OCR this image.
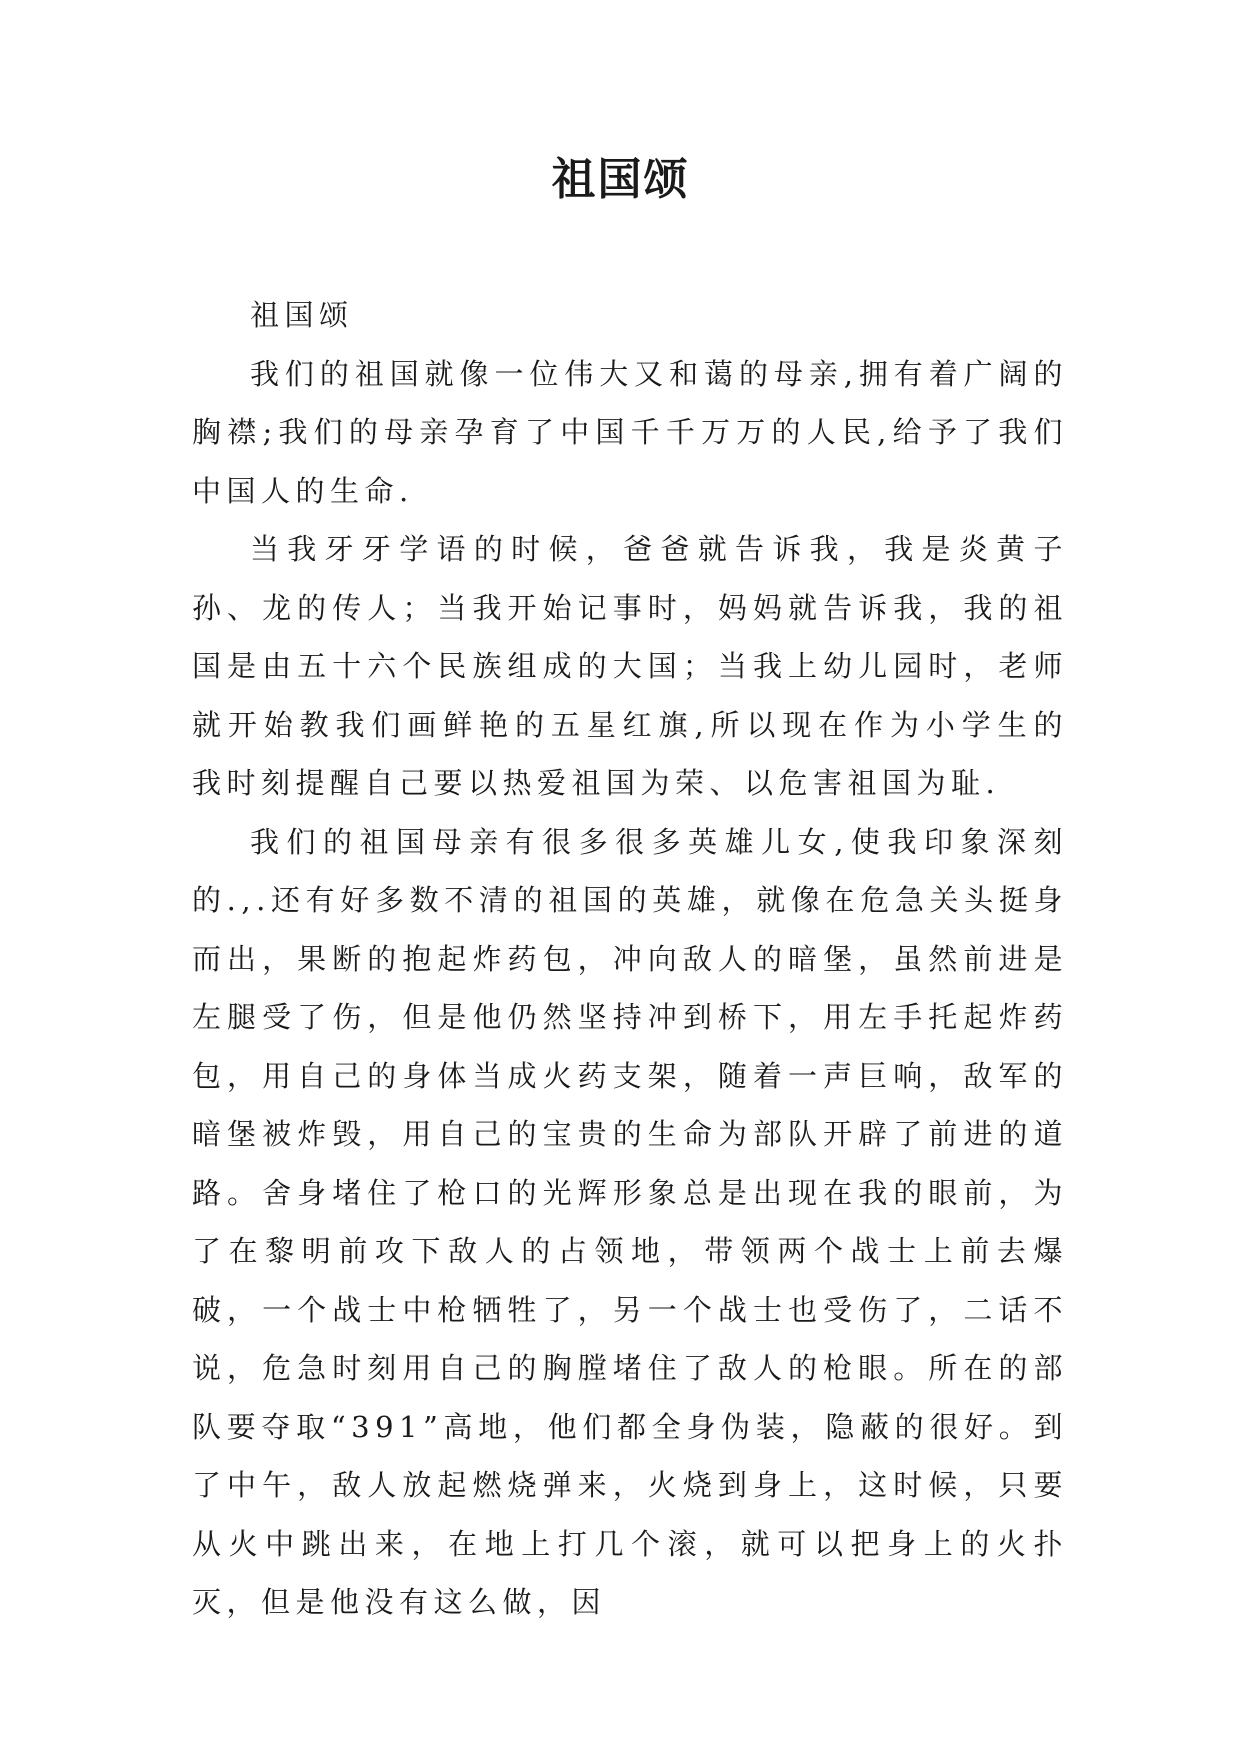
祖国颂

祖国颂

我们的祖国就像一位伟大又和蔼的母亲,拥有着广阔的胸襟;我们的母亲孕育了中国千千万万的人民,给予了我们中国人的生命.

当我牙牙学语的时候，爸爸就告诉我，我是炎黄子孙、龙的传人；当我开始记事时，妈妈就告诉我，我的祖国是由五十六个民族组成的大国；当我上幼儿园时，老师就开始教我们画鲜艳的五星红旗,所以现在作为小学生的我时刻提醒自己要以热爱祖国为荣、以危害祖国为耻.

我们的祖国母亲有很多很多英雄儿女,使我印象深刻的.,.还有好多数不清的祖国的英雄，就像在危急关头挺身而出，果断的抱起炸药包，冲向敌人的暗堡，虽然前进是左腿受了伤，但是他仍然坚持冲到桥下，用左手托起炸药包，用自己的身体当成火药支架，随着一声巨响，敌军的暗堡被炸毁，用自己的宝贵的生命为部队开辟了前进的道路。舍身堵住了枪口的光辉形象总是出现在我的眼前，为了在黎明前攻下敌人的占领地，带领两个战士上前去爆破，一个战士中枪牺牲了，另一个战士也受伤了，二话不说，危急时刻用自己的胸膛堵住了敌人的枪眼。所在的部队要夺取“391”高地，他们都全身伪装，隐蔽的很好。到了中午，敌人放起燃烧弹来，火烧到身上，这时候，只要从火中跳出来，在地上打几个滚，就可以把身上的火扑灭，但是他没有这么做，因
